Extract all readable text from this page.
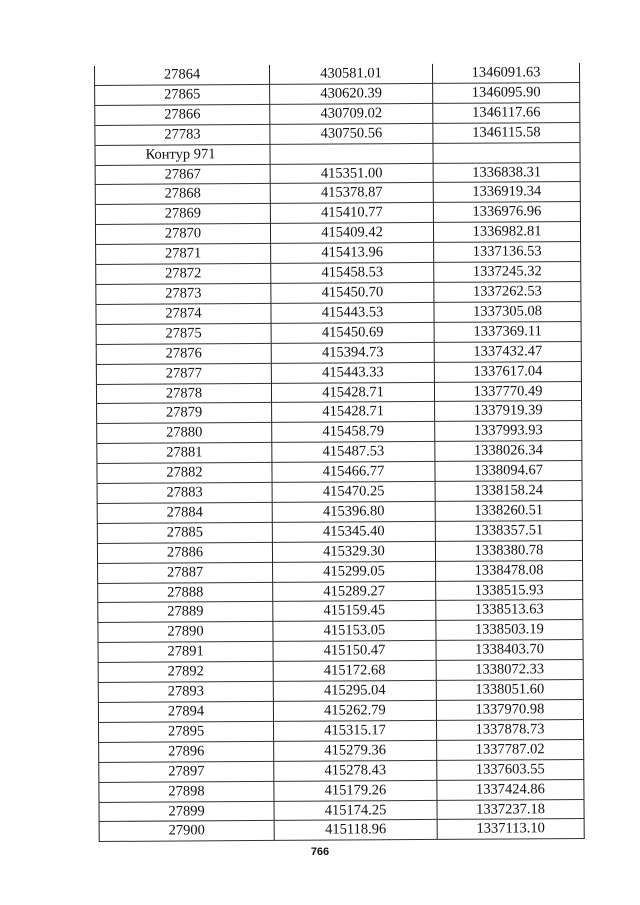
27864	430581.01	1346091.63
27865	430620.39	1346095.90
27866	430709.02	1346117.66
27783	430750.56	1346115.58
Контур 971		
27867	415351.00	1336838.31
27868	415378.87	1336919.34
27869	415410.77	1336976.96
27870	415409.42	1336982.81
27871	415413.96	1337136.53
27872	415458.53	1337245.32
27873	415450.70	1337262.53
27874	415443.53	1337305.08
27875	415450.69	1337369.11
27876	415394.73	1337432.47
27877	415443.33	1337617.04
27878	415428.71	1337770.49
27879	415428.71	1337919.39
27880	415458.79	1337993.93
27881	415487.53	1338026.34
27882	415466.77	1338094.67
27883	415470.25	1338158.24
27884	415396.80	1338260.51
27885	415345.40	1338357.51
27886	415329.30	1338380.78
27887	415299.05	1338478.08
27888	415289.27	1338515.93
27889	415159.45	1338513.63
27890	415153.05	1338503.19
27891	415150.47	1338403.70
27892	415172.68	1338072.33
27893	415295.04	1338051.60
27894	415262.79	1337970.98
27895	415315.17	1337878.73
27896	415279.36	1337787.02
27897	415278.43	1337603.55
27898	415179.26	1337424.86
27899	415174.25	1337237.18
27900	415118.96	1337113.10
766
